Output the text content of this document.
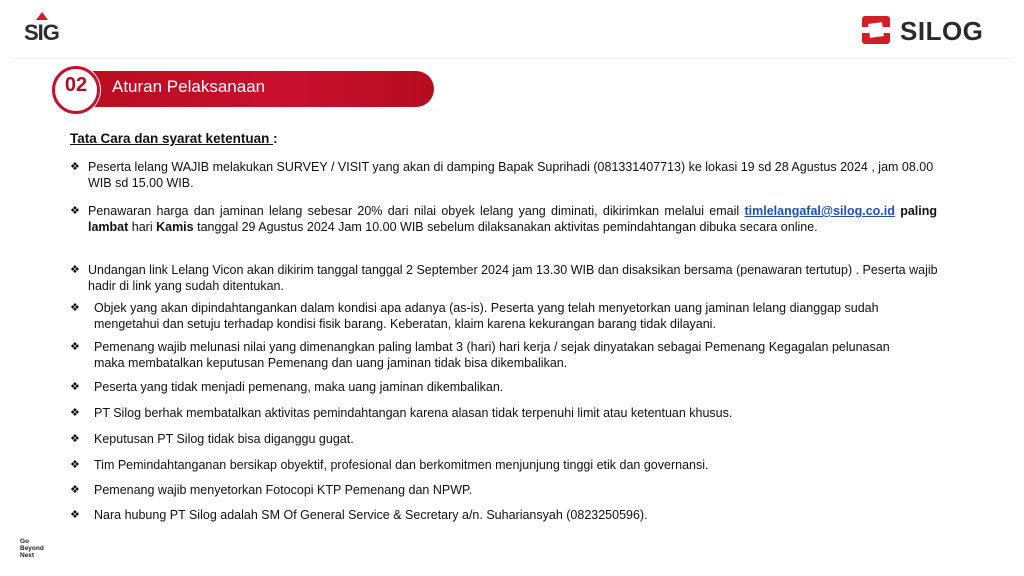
SIG	SILOG
02	Aturan Pelaksanaan
Tata Cara dan syarat ketentuan :
❖ Peserta lelang WAJIB melakukan SURVEY / VISIT yang akan di damping Bapak Suprihadi (081331407713) ke lokasi 19 sd 28 Agustus 2024 , jam 08.00 WIB sd 15.00 WIB.
❖ Penawaran harga dan jaminan lelang sebesar 20% dari nilai obyek lelang yang diminati, dikirimkan melalui email timlelangafal@silog.co.id paling lambat hari Kamis tanggal 29 Agustus 2024 Jam 10.00 WIB sebelum dilaksanakan aktivitas pemindahtangan dibuka secara online.
❖ Undangan link Lelang Vicon akan dikirim tanggal tanggal 2 September 2024 jam 13.30 WIB dan disaksikan bersama (penawaran tertutup) . Peserta wajib hadir di link yang sudah ditentukan.
❖ Objek yang akan dipindahtangankan dalam kondisi apa adanya (as-is). Peserta yang telah menyetorkan uang jaminan lelang dianggap sudah mengetahui dan setuju terhadap kondisi fisik barang. Keberatan, klaim karena kekurangan barang tidak dilayani.
❖ Pemenang wajib melunasi nilai yang dimenangkan paling lambat 3 (hari) hari kerja / sejak dinyatakan sebagai Pemenang Kegagalan pelunasan maka membatalkan keputusan Pemenang dan uang jaminan tidak bisa dikembalikan.
❖ Peserta yang tidak menjadi pemenang, maka uang jaminan dikembalikan.
❖ PT Silog berhak membatalkan aktivitas pemindahtangan karena alasan tidak terpenuhi limit atau ketentuan khusus.
❖ Keputusan PT Silog tidak bisa diganggu gugat.
❖ Tim Pemindahtanganan bersikap obyektif, profesional dan berkomitmen menjunjung tinggi etik dan governansi.
❖ Pemenang wajib menyetorkan Fotocopi KTP Pemenang dan NPWP.
❖ Nara hubung PT Silog adalah SM Of General Service & Secretary a/n. Suhariansyah (0823250596).
Go
Beyond
Next
